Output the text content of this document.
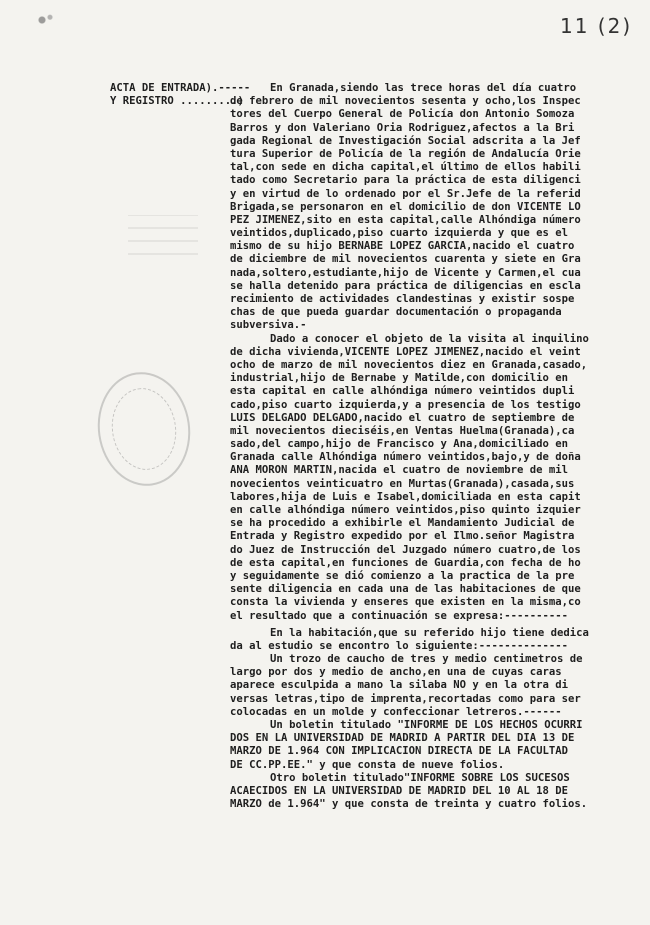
11 (2)
ACTA DE ENTRADA).-----
Y REGISTRO .........)
En Granada,siendo las trece horas del día cuatro
de febrero de mil novecientos sesenta y ocho,los Inspec
tores del Cuerpo General de Policía don Antonio Somoza
Barros y don Valeriano Oria Rodriguez,afectos a la Bri
gada Regional de Investigación Social adscrita a la Jef
tura Superior de Policía de la región de Andalucía Orie
tal,con sede en dicha capital,el último de ellos habili
tado como Secretario para la práctica de esta diligenci
y en virtud de lo ordenado por el Sr.Jefe de la referid
Brigada,se personaron en el domicilio de don VICENTE LO
PEZ JIMENEZ,sito en esta capital,calle Alhóndiga número
veintidos,duplicado,piso cuarto izquierda y que es el
mismo de su hijo BERNABE LOPEZ GARCIA,nacido el cuatro
de diciembre de mil novecientos cuarenta y siete en Gra
nada,soltero,estudiante,hijo de Vicente y Carmen,el cua
se halla detenido para práctica de diligencias en escla
recimiento de actividades clandestinas y existir sospe
chas de que pueda guardar documentación o propaganda
subversiva.-
Dado a conocer el objeto de la visita al inquilino
de dicha vivienda,VICENTE LOPEZ JIMENEZ,nacido el veint
ocho de marzo de mil novecientos diez en Granada,casado,
industrial,hijo de Bernabe y Matilde,con domicilio en
esta capital en calle alhóndiga número veintidos dupli
cado,piso cuarto izquierda,y a presencia de los testigo
LUIS DELGADO DELGADO,nacido el cuatro de septiembre de
mil novecientos dieciséis,en Ventas Huelma(Granada),ca
sado,del campo,hijo de Francisco y Ana,domiciliado en
Granada calle Alhóndiga número veintidos,bajo,y de doña
ANA MORON MARTIN,nacida el cuatro de noviembre de mil
novecientos veinticuatro en Murtas(Granada),casada,sus
labores,hija de Luis e Isabel,domiciliada en esta capit
en calle alhóndiga número veintidos,piso quinto izquier
se ha procedido a exhibirle el Mandamiento Judicial de
Entrada y Registro expedido por el Ilmo.señor Magistra
do Juez de Instrucción del Juzgado número cuatro,de los
de esta capital,en funciones de Guardia,con fecha de ho
y seguidamente se dió comienzo a la practica de la pre
sente diligencia en cada una de las habitaciones de que
consta la vivienda y enseres que existen en la misma,co
el resultado que a continuación se expresa:----------
En la habitación,que su referido hijo tiene dedica
da al estudio se encontro lo siguiente:--------------
Un trozo de caucho de tres y medio centimetros de
largo por dos y medio de ancho,en una de cuyas caras
aparece esculpida a mano la silaba NO y en la otra di
versas letras,tipo de imprenta,recortadas como para ser
colocadas en un molde y confeccionar letreros.------
Un boletin titulado "INFORME DE LOS HECHOS OCURRI
DOS EN LA UNIVERSIDAD DE MADRID A PARTIR DEL DIA 13 DE
MARZO DE 1.964 CON IMPLICACION DIRECTA DE LA FACULTAD
DE CC.PP.EE." y que consta de nueve folios.
Otro boletin titulado"INFORME SOBRE LOS SUCESOS
ACAECIDOS EN LA UNIVERSIDAD DE MADRID DEL 10 AL 18 DE
MARZO de 1.964" y que consta de treinta y cuatro folios.
